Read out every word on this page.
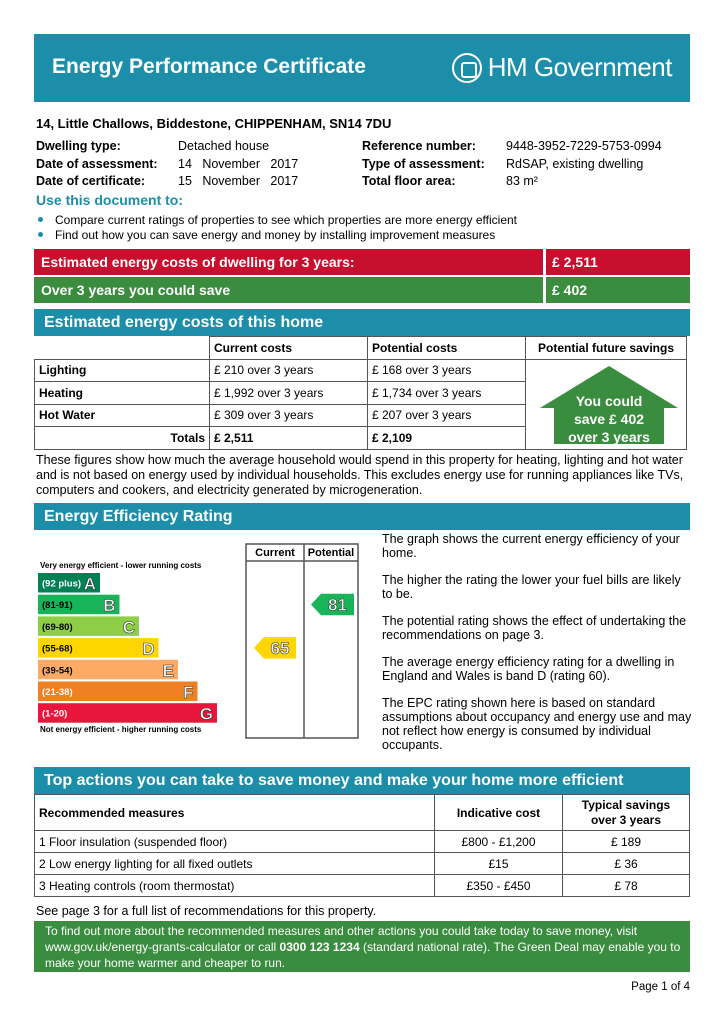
Energy Performance Certificate	HM Government
14, Little Challows, Biddestone, CHIPPENHAM, SN14 7DU
Dwelling type:	Detached house	Reference number:	9448-3952-7229-5753-0994
Date of assessment:	14   November   2017	Type of assessment:	RdSAP, existing dwelling
Date of certificate:	15   November   2017	Total floor area:	83 m²
Use this document to:
Compare current ratings of properties to see which properties are more energy efficient
Find out how you can save energy and money by installing improvement measures
Estimated energy costs of dwelling for 3 years:	£ 2,511
Over 3 years you could save	£ 402
Estimated energy costs of this home
	Current costs	Potential costs	Potential future savings
Lighting	£ 210 over 3 years	£ 168 over 3 years	
Heating	£ 1,992 over 3 years	£ 1,734 over 3 years	
Hot Water	£ 309 over 3 years	£ 207 over 3 years	
Totals	£ 2,511	£ 2,109	
You could
save £ 402
over 3 years
These figures show how much the average household would spend in this property for heating, lighting and hot water and is not based on energy used by individual households. This excludes energy use for running appliances like TVs, computers and cookers, and electricity generated by microgeneration.
Energy Efficiency Rating
Current Potential
Very energy efficient - lower running costs
Not energy efficient - higher running costs
(92 plus) A
(81-91) B
(69-80)	C
(55-68)	D
(39-54)	E
(21-38)	F
(1-20)	G
65
81

The graph shows the current energy efficiency of your home.

The higher the rating the lower your fuel bills are likely to be.

The potential rating shows the effect of undertaking the recommendations on page 3.

The average energy efficiency rating for a dwelling in England and Wales is band D (rating 60).

The EPC rating shown here is based on standard assumptions about occupancy and energy use and may not reflect how energy is consumed by individual occupants.

Top actions you can take to save money and make your home more efficient
Recommended measures	Indicative cost	Typical savings
over 3 years

1 Floor insulation (suspended floor)	£800 - £1,200	£ 189
2 Low energy lighting for all fixed outlets	£15	£ 36
3 Heating controls (room thermostat)	£350 - £450	£ 78
See page 3 for a full list of recommendations for this property.
To find out more about the recommended measures and other actions you could take today to save money, visit
www.gov.uk/energy-grants-calculator or call 0300 123 1234 (standard national rate). The Green Deal may enable you to
make your home warmer and cheaper to run.
Page 1 of 4
